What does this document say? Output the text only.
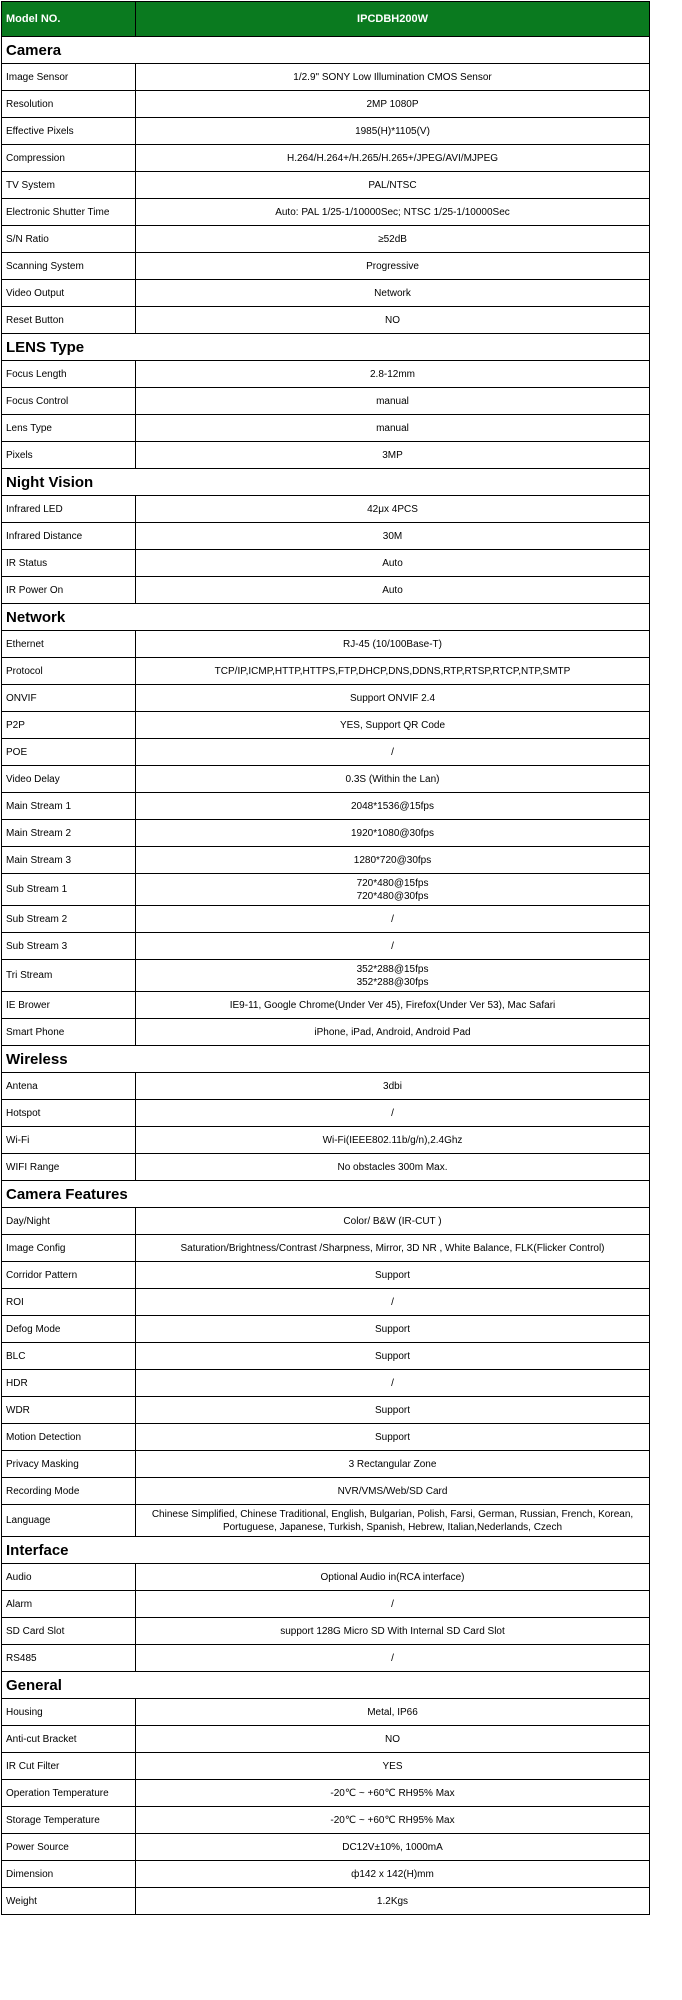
Model NO.	IPCDBH200W
Camera	
Image Sensor	1/2.9" SONY Low Illumination CMOS Sensor

Resolution	2MP 1080P

Effective Pixels	1985(H)*1105(V)

Compression	H.264/H.264+/H.265/H.265+/JPEG/AVI/MJPEG

TV System	PAL/NTSC

Electronic Shutter Time	Auto: PAL 1/25-1/10000Sec; NTSC 1/25-1/10000Sec

S/N Ratio	≥52dB

Scanning System	Progressive

Video Output	Network

Reset Button	NO

LENS Type	
Focus Length	2.8-12mm

Focus Control	manual

Lens Type	manual

Pixels	3MP

Night Vision	
Infrared LED	42μx 4PCS

Infrared Distance	30M

IR Status	Auto

IR Power On	Auto

Network	
Ethernet	RJ-45 (10/100Base-T)

Protocol	TCP/IP,ICMP,HTTP,HTTPS,FTP,DHCP,DNS,DDNS,RTP,RTSP,RTCP,NTP,SMTP

ONVIF	Support ONVIF 2.4

P2P	YES, Support QR Code

POE	/

Video Delay	0.3S (Within the Lan)

Main Stream 1	2048*1536@15fps

Main Stream 2	1920*1080@30fps

Main Stream 3	1280*720@30fps

Sub Stream 1	720*480@15fps
720*480@30fps

Sub Stream 2	/

Sub Stream 3	/

Tri Stream	352*288@15fps
352*288@30fps

IE Brower	IE9-11, Google Chrome(Under Ver 45), Firefox(Under Ver 53), Mac Safari

Smart Phone	iPhone, iPad, Android, Android Pad

Wireless	
Antena	3dbi

Hotspot	/

Wi-Fi	Wi-Fi(IEEE802.11b/g/n),2.4Ghz

WIFI Range	No obstacles 300m Max.

Camera Features	
Day/Night	Color/ B&W (IR-CUT )

Image Config	Saturation/Brightness/Contrast /Sharpness, Mirror, 3D NR , White Balance, FLK(Flicker Control)

Corridor Pattern	Support

ROI	/

Defog Mode	Support

BLC	Support

HDR	/

WDR	Support

Motion Detection	Support

Privacy Masking	3 Rectangular Zone

Recording Mode	NVR/VMS/Web/SD Card

Language	Chinese Simplified, Chinese Traditional, English, Bulgarian, Polish, Farsi, German, Russian, French, Korean,
Portuguese, Japanese, Turkish, Spanish, Hebrew, Italian,Nederlands, Czech

Interface	
Audio	Optional Audio in(RCA interface)

Alarm	/

SD Card Slot	support 128G Micro SD With Internal SD Card Slot

RS485	/

General	
Housing	Metal, IP66

Anti-cut Bracket	NO

IR Cut Filter	YES

Operation Temperature	-20℃ ~ +60℃ RH95% Max

Storage Temperature	-20℃ ~ +60℃ RH95% Max

Power Source	DC12V±10%, 1000mA

Dimension	ф142 x 142(H)mm

Weight	1.2Kgs
